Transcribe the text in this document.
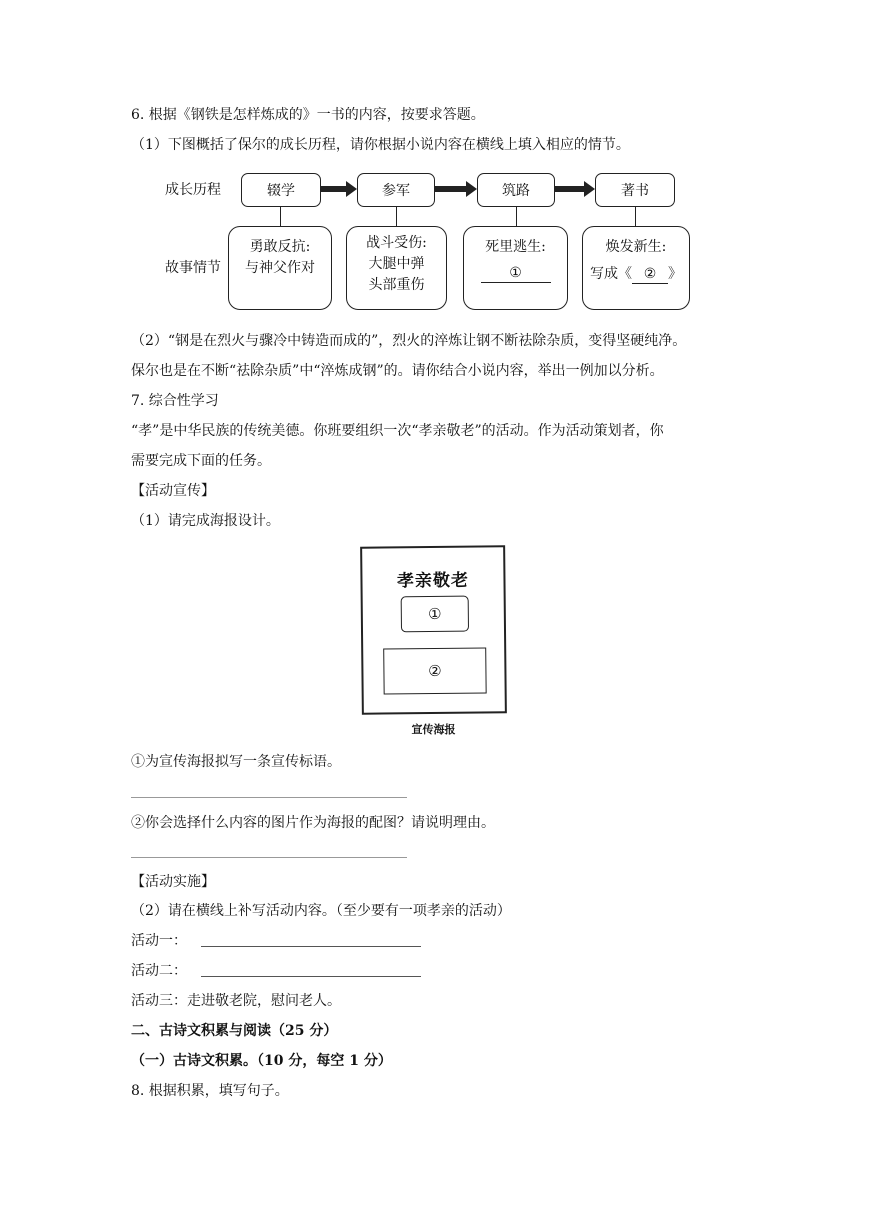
6. 根据《钢铁是怎样炼成的》一书的内容，按要求答题。
（1）下图概括了保尔的成长历程，请你根据小说内容在横线上填入相应的情节。
成长历程
故事情节
辍学	参军	筑路	著书
勇敢反抗:
与神父作对
战斗受伤:
大腿中弹
头部重伤
死里逃生:
①
焕发新生:
写成《 ② 》
（2）“钢是在烈火与骤冷中铸造而成的”，烈火的淬炼让钢不断祛除杂质，变得坚硬纯净。
保尔也是在不断“祛除杂质”中“淬炼成钢”的。请你结合小说内容，举出一例加以分析。
7. 综合性学习
“孝”是中华民族的传统美德。你班要组织一次“孝亲敬老”的活动。作为活动策划者，你
需要完成下面的任务。
【活动宣传】
（1）请完成海报设计。
孝亲敬老
①
②
宣传海报
①为宣传海报拟写一条宣传标语。
②你会选择什么内容的图片作为海报的配图？请说明理由。
【活动实施】
（2）请在横线上补写活动内容。（至少要有一项孝亲的活动）
活动一：
活动二：
活动三：走进敬老院，慰问老人。
二、古诗文积累与阅读（25 分）
（一）古诗文积累。（10 分，每空 1 分）
8. 根据积累，填写句子。
